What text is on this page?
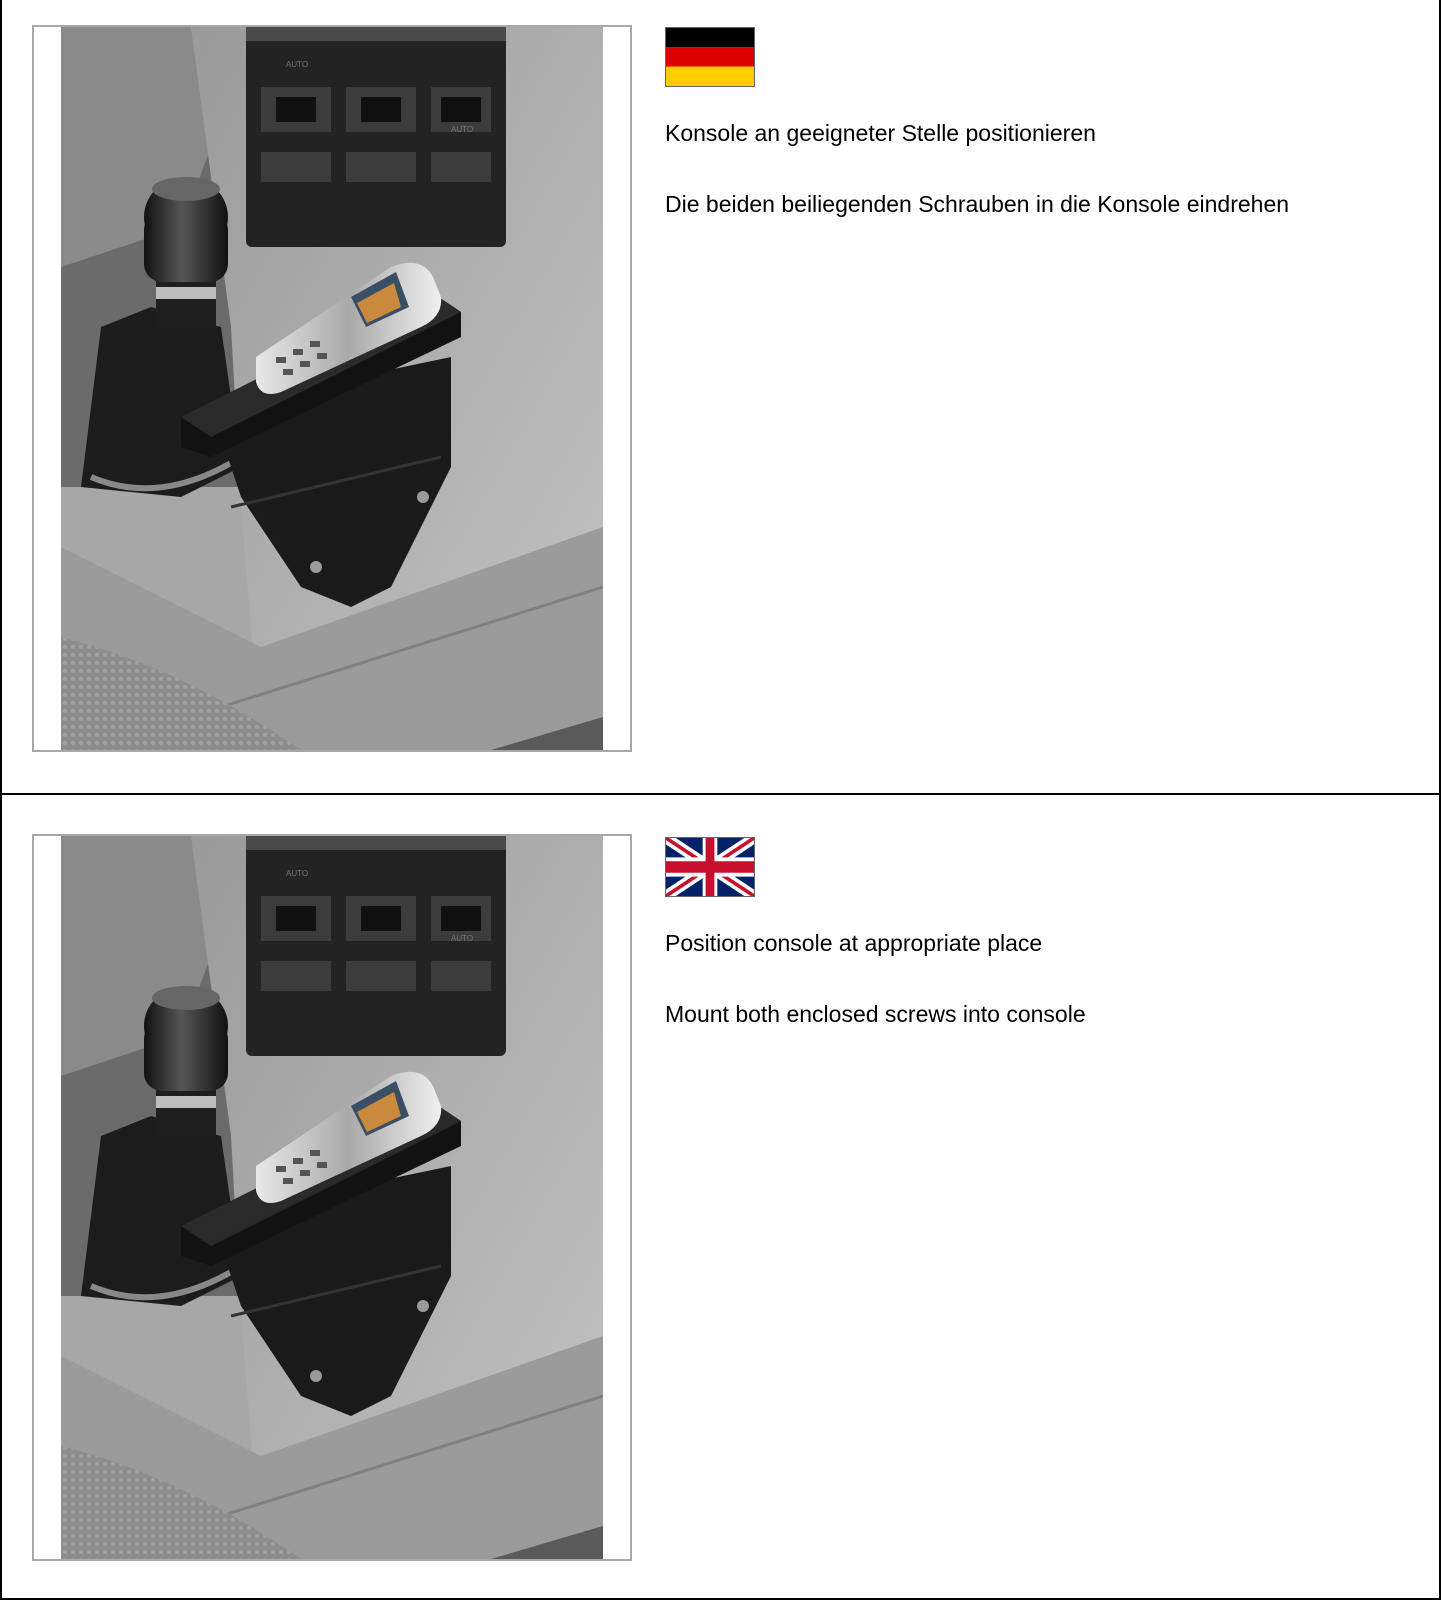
Konsole an geeigneter Stelle positionieren

Die beiden beiliegenden Schrauben in die Konsole eindrehen

Position console at appropriate place

Mount both enclosed screws into console
